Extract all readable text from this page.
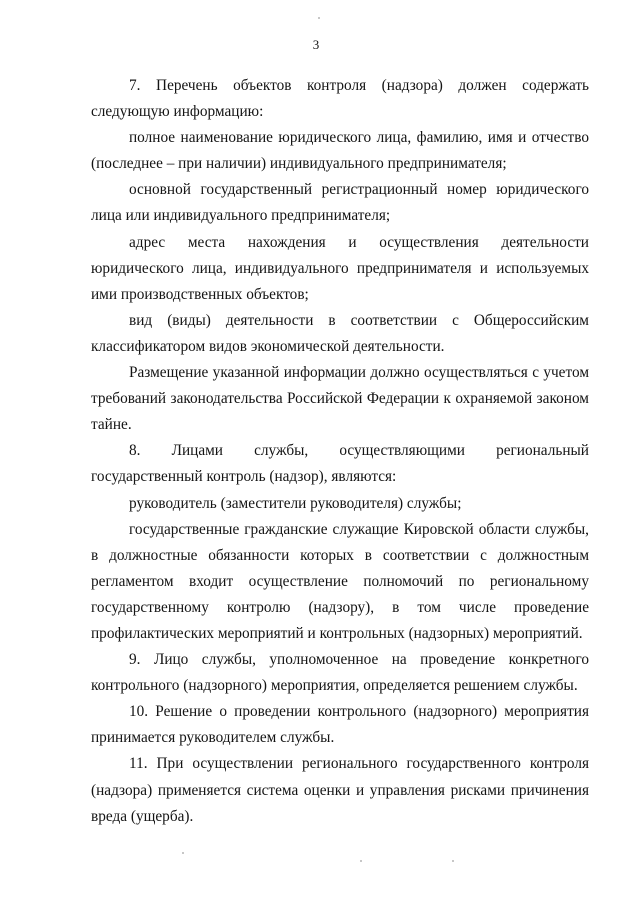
3

7. Перечень объектов контроля (надзора) должен содержать следующую информацию:

полное наименование юридического лица, фамилию, имя и отчество (последнее – при наличии) индивидуального предпринимателя;

основной государственный регистрационный номер юридического лица или индивидуального предпринимателя;

адрес места нахождения и осуществления деятельности юридического лица, индивидуального предпринимателя и используемых ими производственных объектов;

вид (виды) деятельности в соответствии с Общероссийским классификатором видов экономической деятельности.

Размещение указанной информации должно осуществляться с учетом требований законодательства Российской Федерации к охраняемой законом тайне.

8. Лицами службы, осуществляющими региональный государственный контроль (надзор), являются:

руководитель (заместители руководителя) службы;

государственные гражданские служащие Кировской области службы, в должностные обязанности которых в соответствии с должностным регламентом входит осуществление полномочий по региональному государственному контролю (надзору), в том числе проведение профилактических мероприятий и контрольных (надзорных) мероприятий.

9. Лицо службы, уполномоченное на проведение конкретного контрольного (надзорного) мероприятия, определяется решением службы.

10. Решение о проведении контрольного (надзорного) мероприятия принимается руководителем службы.

11. При осуществлении регионального государственного контроля (надзора) применяется система оценки и управления рисками причинения вреда (ущерба).
